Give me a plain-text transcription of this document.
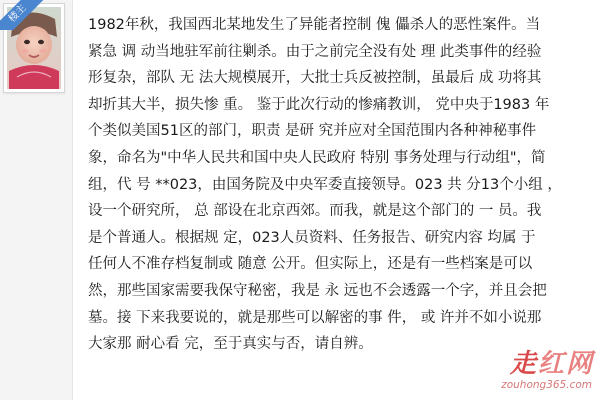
楼主
1982年秋，我国西北某地发生了异能者控制 傀 儡杀人的恶性案件。当
紧急 调 动当地驻军前往剿杀。由于之前完全没有处 理 此类事件的经验
形复杂，部队 无 法大规模展开，大批士兵反被控制，虽最后 成 功将其
却折其大半，损失惨 重。 鉴于此次行动的惨痛教训， 党中央于1983 年
个类似美国51区的部门，职责 是研 究并应对全国范围内各种神秘事件
象，命名为"中华人民共和国中央人民政府 特别 事务处理与行动组"，简
组，代 号 **023，由国务院及中央军委直接领导。023 共 分13个小组 ，
设一个研究所， 总 部设在北京西郊。而我，就是这个部门的 一 员。我
是个普通人。根据规 定，023人员资料、任务报告、研究内容 均属 于
任何人不准存档复制或 随意 公开。但实际上，还是有一些档案是可以
然，那些国家需要我保守秘密，我是 永 远也不会透露一个字，并且会把
墓。接 下来我要说的，就是那些可以解密的事 件， 或 许并不如小说那
大家那 耐心看 完，至于真实与否，请自辨。
走红网
zouhong365.com
